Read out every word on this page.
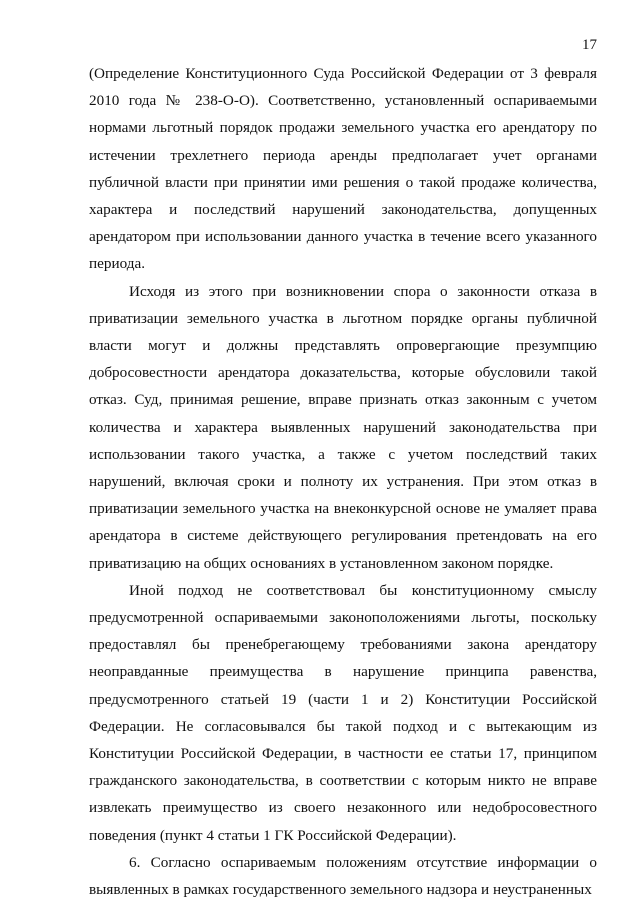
17

(Определение Конституционного Суда Российской Федерации от 3 февраля 2010 года № 238-О-О). Соответственно, установленный оспариваемыми нормами льготный порядок продажи земельного участка его арендатору по истечении трехлетнего периода аренды предполагает учет органами публичной власти при принятии ими решения о такой продаже количества, характера и последствий нарушений законодательства, допущенных арендатором при использовании данного участка в течение всего указанного периода.

Исходя из этого при возникновении спора о законности отказа в приватизации земельного участка в льготном порядке органы публичной власти могут и должны представлять опровергающие презумпцию добросовестности арендатора доказательства, которые обусловили такой отказ. Суд, принимая решение, вправе признать отказ законным с учетом количества и характера выявленных нарушений законодательства при использовании такого участка, а также с учетом последствий таких нарушений, включая сроки и полноту их устранения. При этом отказ в приватизации земельного участка на внеконкурсной основе не умаляет права арендатора в системе действующего регулирования претендовать на его приватизацию на общих основаниях в установленном законом порядке.

Иной подход не соответствовал бы конституционному смыслу предусмотренной оспариваемыми законоположениями льготы, поскольку предоставлял бы пренебрегающему требованиями закона арендатору неоправданные преимущества в нарушение принципа равенства, предусмотренного статьей 19 (части 1 и 2) Конституции Российской Федерации. Не согласовывался бы такой подход и с вытекающим из Конституции Российской Федерации, в частности ее статьи 17, принципом гражданского законодательства, в соответствии с которым никто не вправе извлекать преимущество из своего незаконного или недобросовестного поведения (пункт 4 статьи 1 ГК Российской Федерации).

6. Согласно оспариваемым положениям отсутствие информации о выявленных в рамках государственного земельного надзора и неустраненных
